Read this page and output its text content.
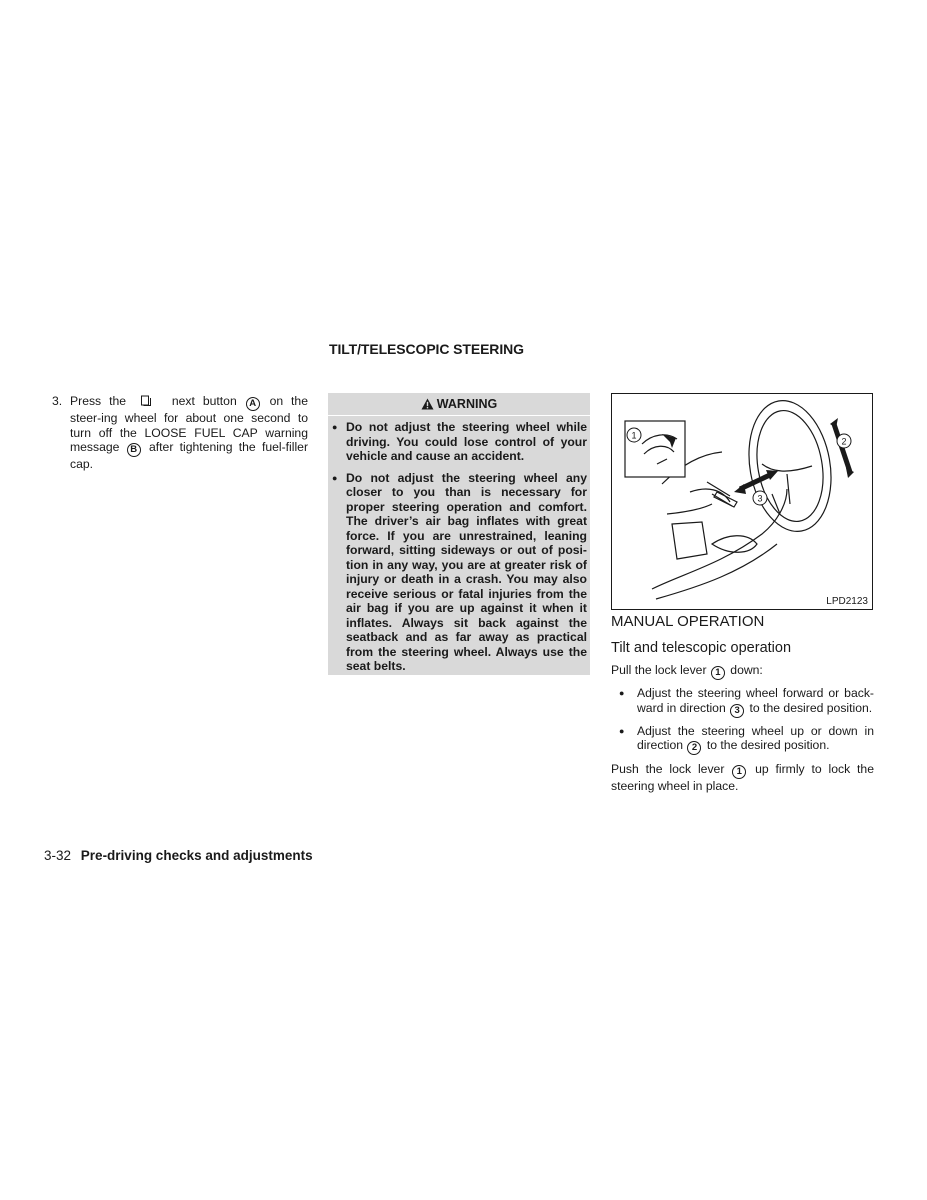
TILT/TELESCOPIC STEERING
3. Press the	next button A on the steer-ing wheel for about one second to turn off the LOOSE FUEL CAP warning message B after tightening the fuel-filler cap.
WARNING
● Do not adjust the steering wheel while driving. You could lose control of your vehicle and cause an accident.
● Do not adjust the steering wheel any closer to you than is necessary for proper steering operation and comfort. The driver’s air bag inflates with great force. If you are unrestrained, leaning forward, sitting sideways or out of posi-tion in any way, you are at greater risk of injury or death in a crash. You may also receive serious or fatal injuries from the air bag if you are up against it when it inflates. Always sit back against the seatback and as far away as practical from the steering wheel. Always use the seat belts.
1
2
3
LPD2123
MANUAL OPERATION
Tilt and telescopic operation

Pull the lock lever 1 down:

●	Adjust the steering wheel forward or back-ward in direction 3 to the desired position.
●	Adjust the steering wheel up or down in direction 2 to the desired position.

Push the lock lever 1 up firmly to lock the steering wheel in place.

3-32 Pre-driving checks and adjustments
